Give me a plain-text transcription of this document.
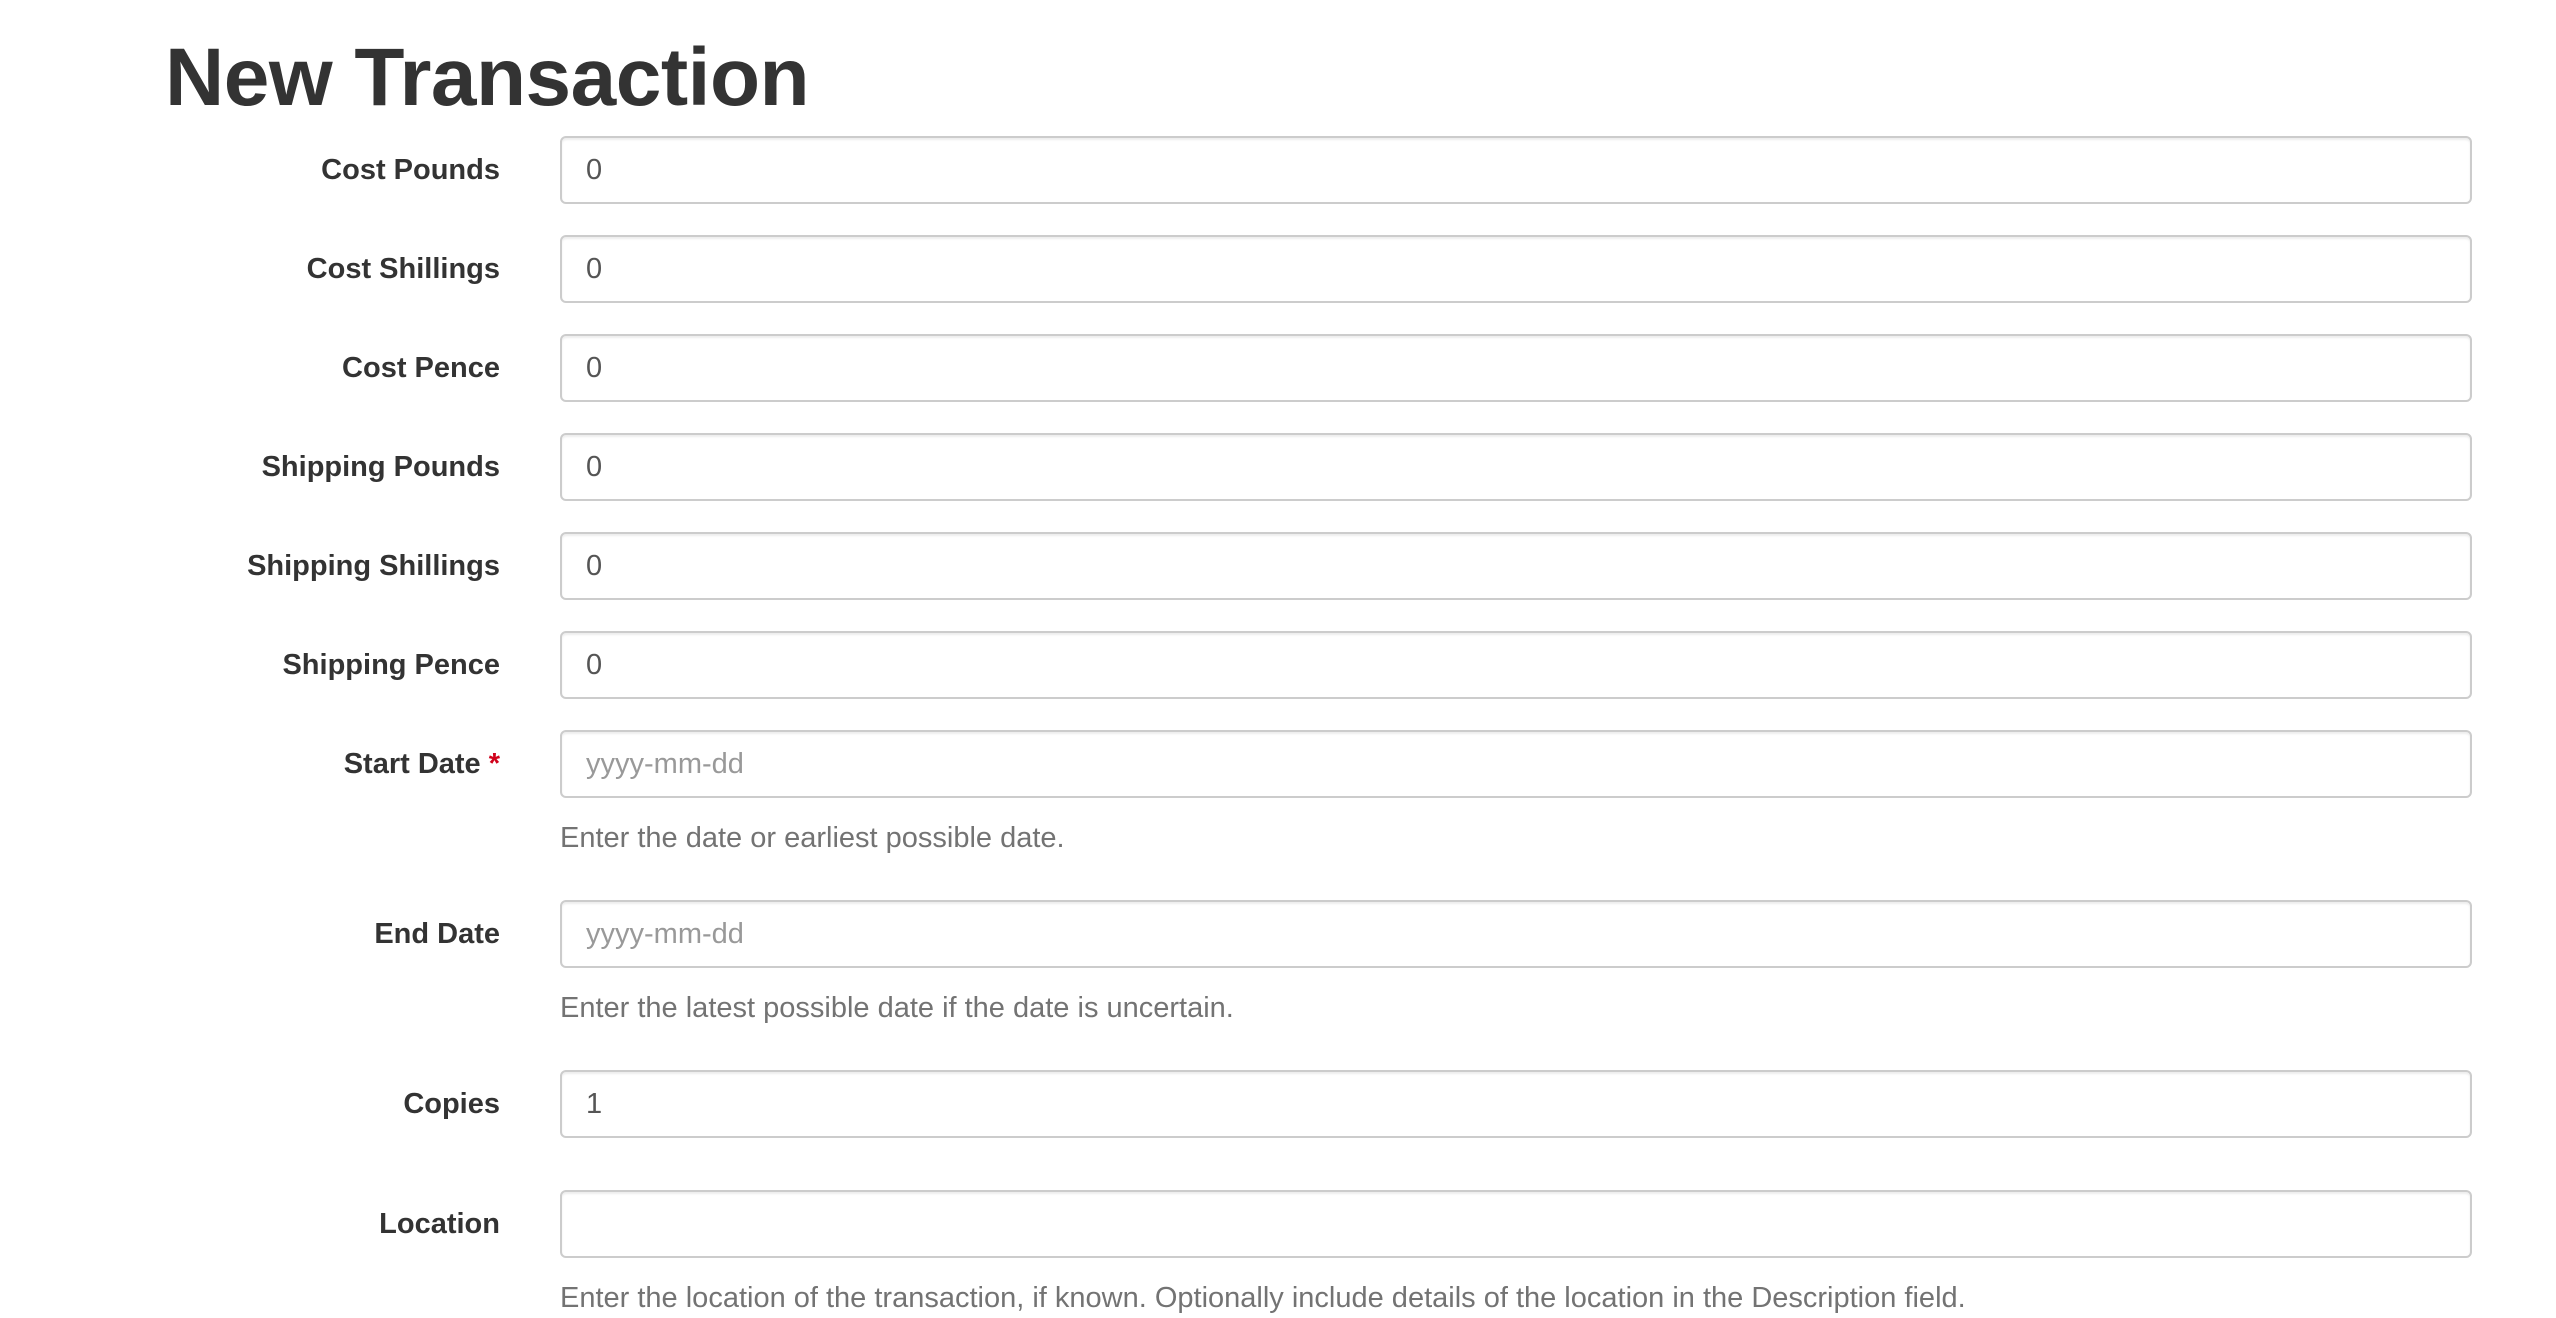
New Transaction
Cost Pounds
0
Cost Shillings
0
Cost Pence
0
Shipping Pounds
0
Shipping Shillings
0
Shipping Pence
0
Start Date *
yyyy-mm-dd
Enter the date or earliest possible date.
End Date
yyyy-mm-dd
Enter the latest possible date if the date is uncertain.
Copies
1
Location
Enter the location of the transaction, if known. Optionally include details of the location in the Description field.
